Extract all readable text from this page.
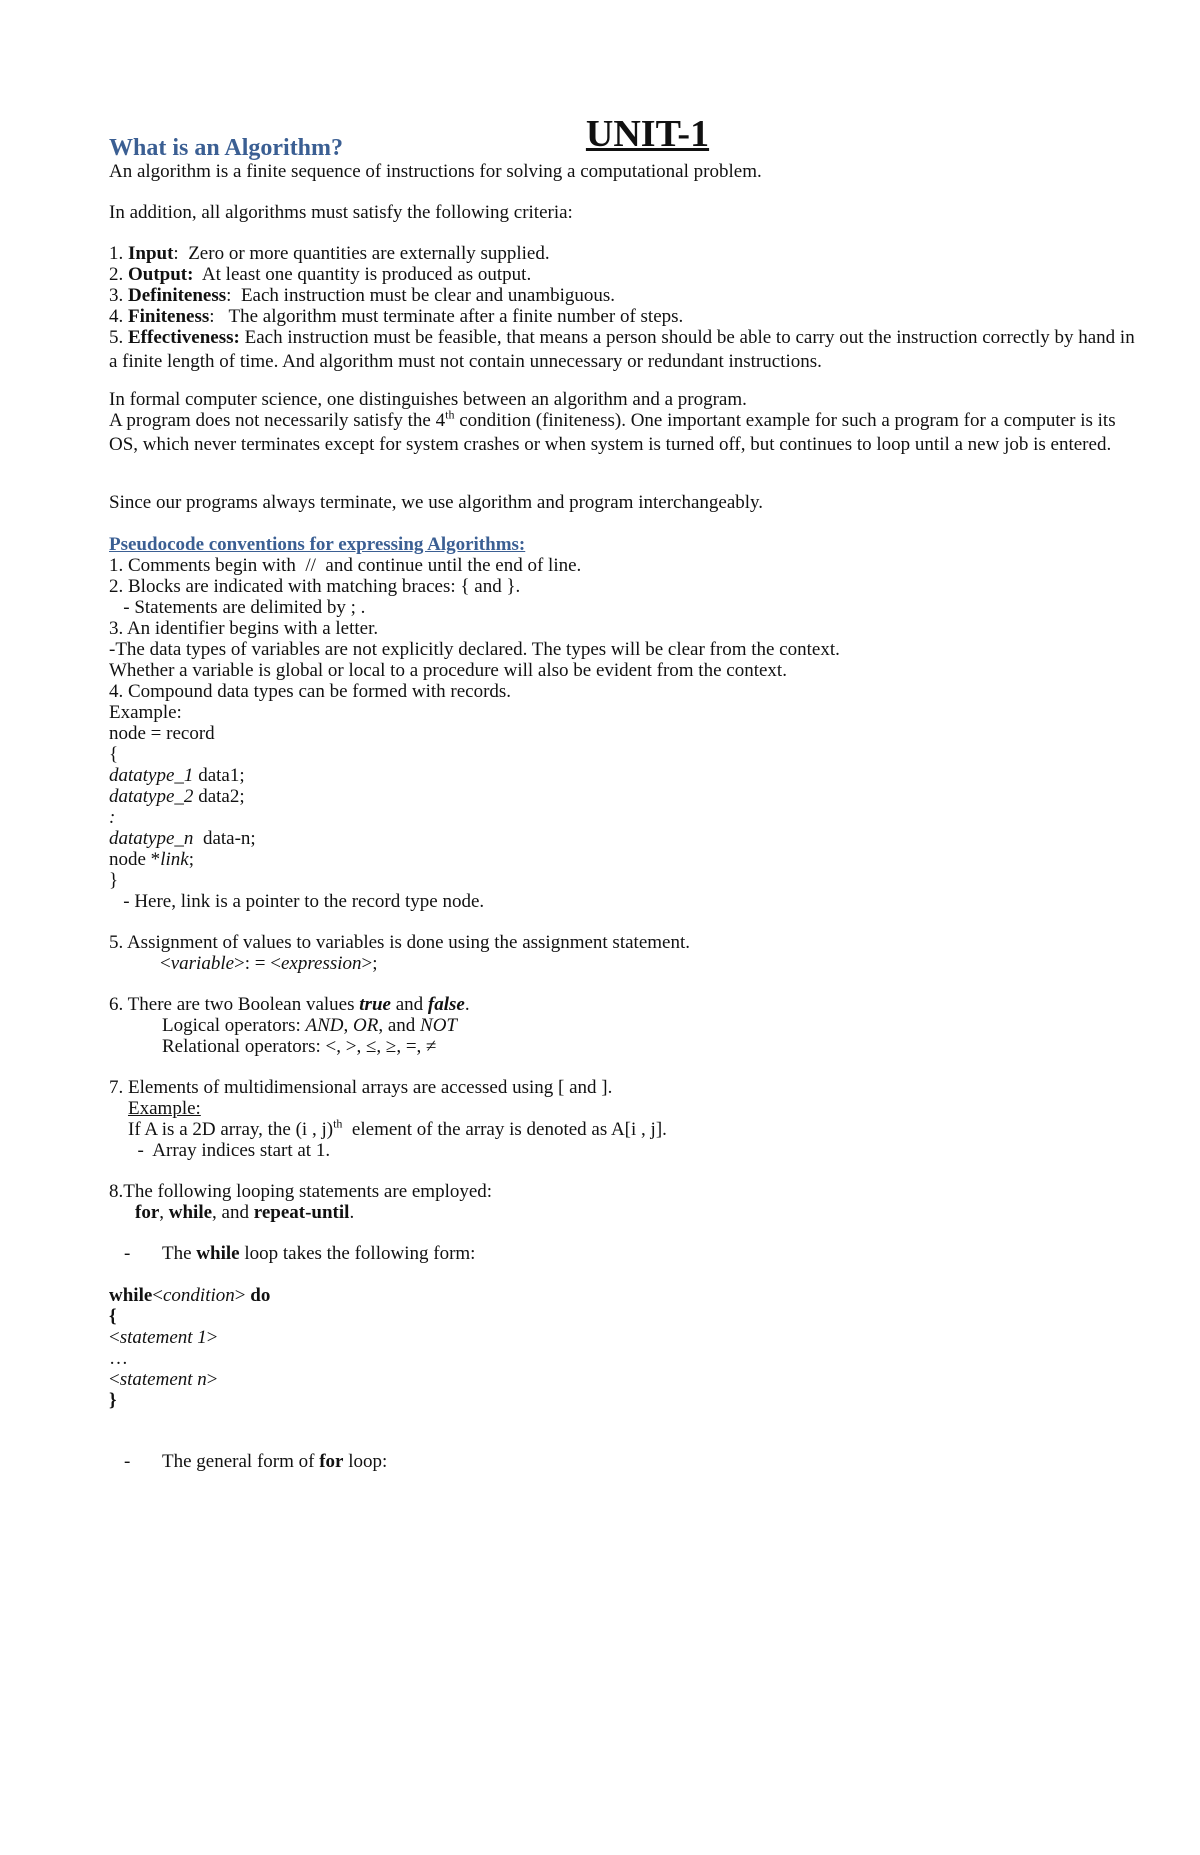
UNIT-1
What is an Algorithm?
An algorithm is a finite sequence of instructions for solving a computational problem.
In addition, all algorithms must satisfy the following criteria:
1. Input:  Zero or more quantities are externally supplied.
2. Output:  At least one quantity is produced as output.
3. Definiteness:  Each instruction must be clear and unambiguous.
4. Finiteness:   The algorithm must terminate after a finite number of steps.
5. Effectiveness: Each instruction must be feasible, that means a person should be able to carry out the instruction correctly by hand in a finite length of time. And algorithm must not contain unnecessary or redundant instructions.
In formal computer science, one distinguishes between an algorithm and a program.
A program does not necessarily satisfy the 4th condition (finiteness). One important example for such a program for a computer is its OS, which never terminates except for system crashes or when system is turned off, but continues to loop until a new job is entered.
Since our programs always terminate, we use algorithm and program interchangeably.
Pseudocode conventions for expressing Algorithms:
1. Comments begin with  //  and continue until the end of line.
2. Blocks are indicated with matching braces: { and }.
- Statements are delimited by ; .
3. An identifier begins with a letter.
-The data types of variables are not explicitly declared. The types will be clear from the context.
Whether a variable is global or local to a procedure will also be evident from the context.
4. Compound data types can be formed with records.
Example:
node = record
{
datatype_1 data1;
datatype_2 data2;
:
datatype_n  data-n;
node *link;
}
- Here, link is a pointer to the record type node.
5. Assignment of values to variables is done using the assignment statement.
<variable>: = <expression>;
6. There are two Boolean values true and false.
Logical operators: AND, OR, and NOT
Relational operators: <, >, ≤, ≥, =, ≠
7. Elements of multidimensional arrays are accessed using [ and ].
Example:
If A is a 2D array, the (i , j)$^{th}$  element of the array is denoted as A[i , j].
-  Array indices start at 1.
8.The following looping statements are employed:
for, while, and repeat-until.
-	The while loop takes the following form:
while<condition> do
{
<statement 1>
…
<statement n>
}
-	The general form of for loop:
